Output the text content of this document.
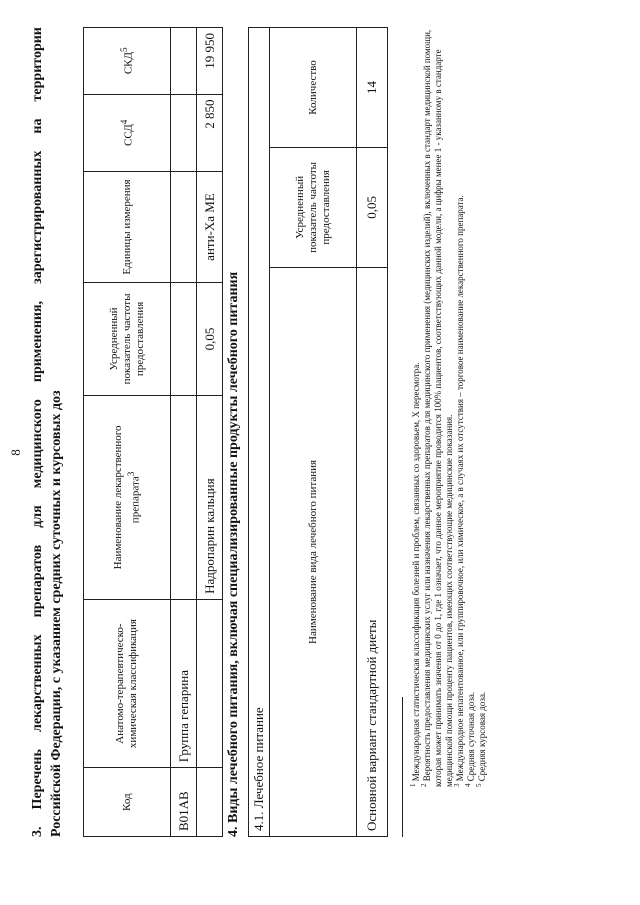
8
3.
Перечень
лекарственных
препаратов
для
медицинского
применения,
зарегистрированных
на
территории
Российской Федерации, с указанием средних суточных и курсовых доз	Код	Анатомо-терапевтическо-химическая классификация	Наименование лекарственного препарата$^3$	Усредненный показатель частоты предоставления	Единицы измерения	ССД$^4$	СКД$^5$
B01AB	Группа гепарина					
		Надропарин кальция	0,05	анти-Ха МЕ	2 850	19 950
4. Виды лечебного питания, включая специализированные продукты лечебного питания 4.1. Лечебное питание		
Наименование вида лечебного питания	Усредненный показатель частоты предоставления	Количество
Основной вариант стандартной диеты	0,05	14
$^1$ Международная статистическая классификация болезней и проблем, связанных со здоровьем, X пересмотра.
$^2$ Вероятность предоставления медицинских услуг или назначения лекарственных препаратов для медицинского применения (медицинских изделий), включенных в стандарт медицинской помощи, которая может принимать значения от 0 до 1, где 1 означает, что данное мероприятие проводится 100% пациентов, соответствующих данной модели, а цифры менее 1 - указанному в стандарте медицинской помощи проценту пациентов, имеющих соответствующие медицинские показания. $^3$ Международное непатентованное, или группировочное, или химическое, а в случаях их отсутствия – торговое наименование лекарственного препарата.
$^4$ Средняя суточная доза.
$^5$ Средняя курсовая доза.
